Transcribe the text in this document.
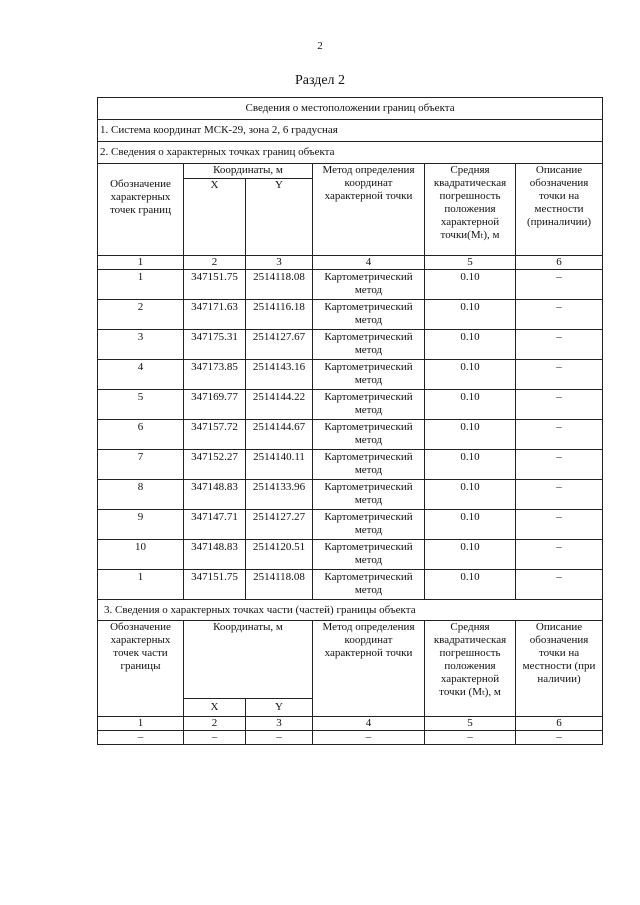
2
Раздел 2
Сведения о местоположении границ объекта					
1. Система координат МСК-29, зона 2, 6 градусная					
2. Сведения о характерных точках границ объекта					
Обозначение характерных точек границ	Координаты, м		Метод определения координат характерной точки	Средняя квадратическая погрешность положения характерной точки(Mₜ), м	Описание обозначения точки на местности (приналичии)
	X	Y			
1	2	3	4	5	6
1	347151.75	2514118.08	Картометрический метод	0.10	–
2	347171.63	2514116.18	Картометрический метод	0.10	–
3	347175.31	2514127.67	Картометрический метод	0.10	–
4	347173.85	2514143.16	Картометрический метод	0.10	–
5	347169.77	2514144.22	Картометрический метод	0.10	–
6	347157.72	2514144.67	Картометрический метод	0.10	–
7	347152.27	2514140.11	Картометрический метод	0.10	–
8	347148.83	2514133.96	Картометрический метод	0.10	–
9	347147.71	2514127.27	Картометрический метод	0.10	–
10	347148.83	2514120.51	Картометрический метод	0.10	–
1	347151.75	2514118.08	Картометрический метод	0.10	–
3. Сведения о характерных точках части (частей) границы объекта					
Обозначение характерных точек части границы	Координаты, м		Метод определения координат характерной точки	Средняя квадратическая погрешность положения характерной точки (Mₜ), м	Описание обозначения точки на местности (при наличии)
	X	Y			
1	2	3	4	5	6
–	–	–	–	–	–
